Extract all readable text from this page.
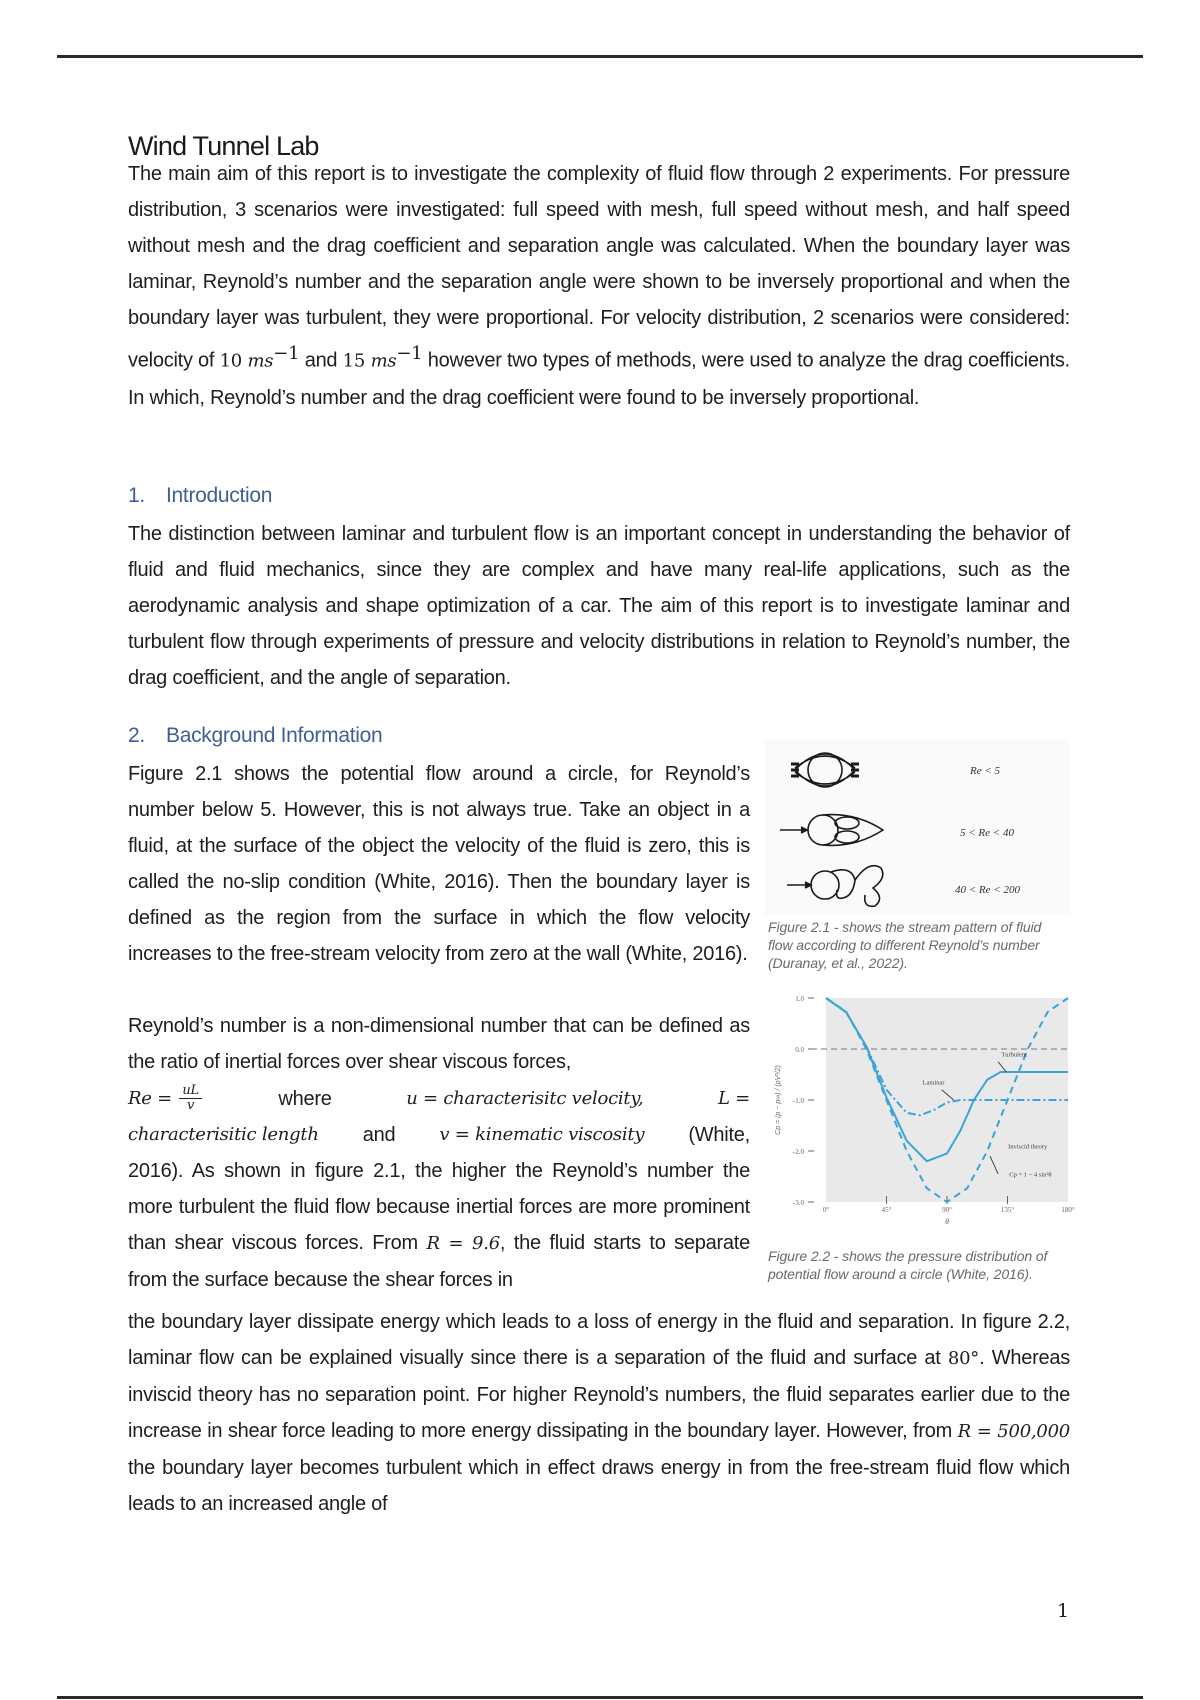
Wind Tunnel Lab
The main aim of this report is to investigate the complexity of fluid flow through 2 experiments. For pressure distribution, 3 scenarios were investigated: full speed with mesh, full speed without mesh, and half speed without mesh and the drag coefficient and separation angle was calculated. When the boundary layer was laminar, Reynold’s number and the separation angle were shown to be inversely proportional and when the boundary layer was turbulent, they were proportional. For velocity distribution, 2 scenarios were considered: velocity of 10 $ms^{-1}$ and 15 $ms^{-1}$ however two types of methods, were used to analyze the drag coefficients. In which, Reynold’s number and the drag coefficient were found to be inversely proportional.
1. Introduction
The distinction between laminar and turbulent flow is an important concept in understanding the behavior of fluid and fluid mechanics, since they are complex and have many real-life applications, such as the aerodynamic analysis and shape optimization of a car. The aim of this report is to investigate laminar and turbulent flow through experiments of pressure and velocity distributions in relation to Reynold’s number, the drag coefficient, and the angle of separation.
2. Background Information
Figure 2.1 shows the potential flow around a circle, for Reynold’s number below 5. However, this is not always true. Take an object in a fluid, at the surface of the object the velocity of the fluid is zero, this is called the no-slip condition (White, 2016). Then the boundary layer is defined as the region from the surface in which the flow velocity increases to the free-stream velocity from zero at the wall (White, 2016).
Reynold’s number is a non-dimensional number that can be defined as the ratio of inertial forces over shear viscous forces,
$Re = \frac{uL}{v}$	where	u = characterisitc velocity,	L =
characterisitic length and v = kinematic viscosity (White,
2016). As shown in figure 2.1, the higher the Reynold’s number the more turbulent the fluid flow because inertial forces are more prominent than shear viscous forces. From R = 9.6, the fluid starts to separate from the surface because the shear forces in
the boundary layer dissipate energy which leads to a loss of energy in the fluid and separation. In figure 2.2, laminar flow can be explained visually since there is a separation of the fluid and surface at 80°. Whereas inviscid theory has no separation point. For higher Reynold’s numbers, the fluid separates earlier due to the increase in shear force leading to more energy dissipating in the boundary layer. However, from R = 500,000 the boundary layer becomes turbulent which in effect draws energy in from the free-stream fluid flow which leads to an increased angle of
Re < 5
5 < Re < 40
40 < Re < 200
Figure 2.1 - shows the stream pattern of fluid flow according to different Reynold’s number (Duranay, et al., 2022).
1.0
0.0
-1.0
-2.0
-3.0
0°	45°	90°	135°	180°
θ
Cp = (p − p∞) / (ρV²/2)
Turbulent
Laminar
Inviscid theory
Cp = 1 − 4 sin²θ
Figure 2.2 - shows the pressure distribution of potential flow around a circle (White, 2016).
1
